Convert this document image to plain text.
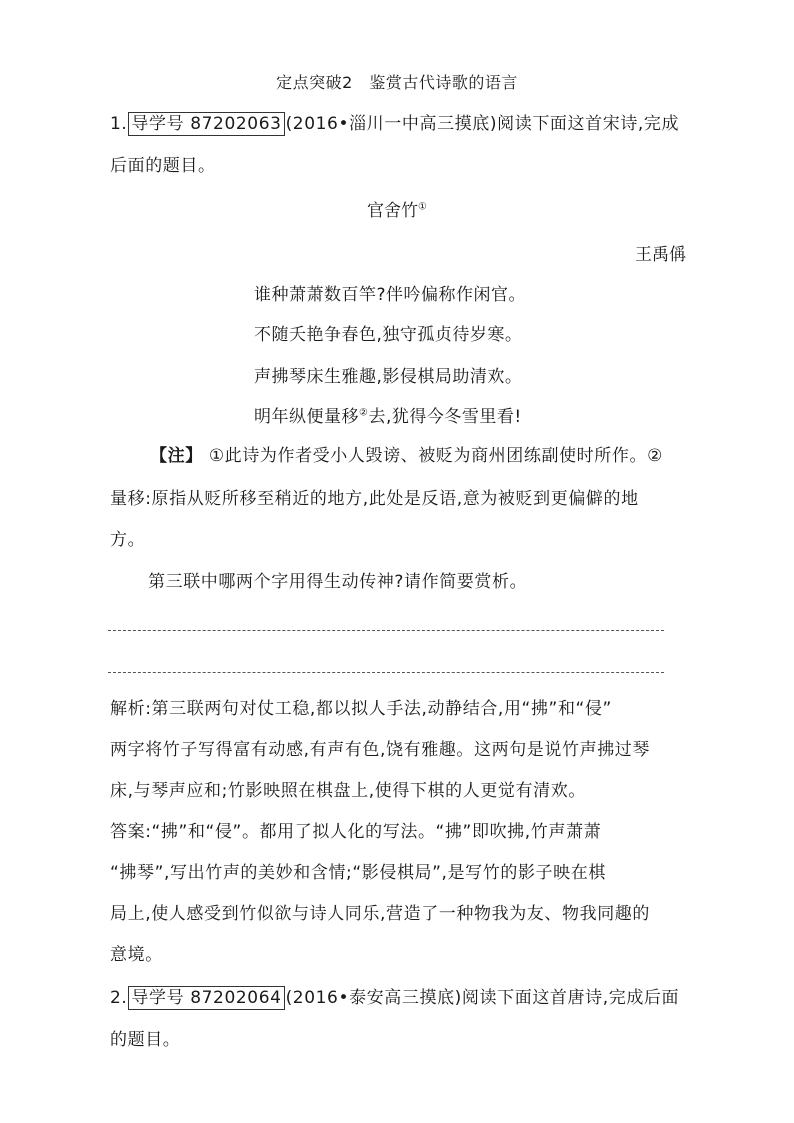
定点突破2　鉴赏古代诗歌的语言
1. 导学号 87202063 (2016•淄川一中高三摸底)阅读下面这首宋诗,完成
后面的题目。
官舍竹①
王禹偁
谁种萧萧数百竿?伴吟偏称作闲官。
不随夭艳争春色,独守孤贞待岁寒。
声拂琴床生雅趣,影侵棋局助清欢。
明年纵便量移②去,犹得今冬雪里看!
【注】 ①此诗为作者受小人毁谤、被贬为商州团练副使时所作。②
量移:原指从贬所移至稍近的地方,此处是反语,意为被贬到更偏僻的地
方。
第三联中哪两个字用得生动传神?请作简要赏析。
解析:第三联两句对仗工稳,都以拟人手法,动静结合,用“拂”和“侵”
两字将竹子写得富有动感,有声有色,饶有雅趣。这两句是说竹声拂过琴
床,与琴声应和;竹影映照在棋盘上,使得下棋的人更觉有清欢。
答案:“拂”和“侵”。都用了拟人化的写法。“拂”即吹拂,竹声萧萧
“拂琴”,写出竹声的美妙和含情;“影侵棋局”,是写竹的影子映在棋
局上,使人感受到竹似欲与诗人同乐,营造了一种物我为友、物我同趣的
意境。
2. 导学号 87202064 (2016•泰安高三摸底)阅读下面这首唐诗,完成后面
的题目。
